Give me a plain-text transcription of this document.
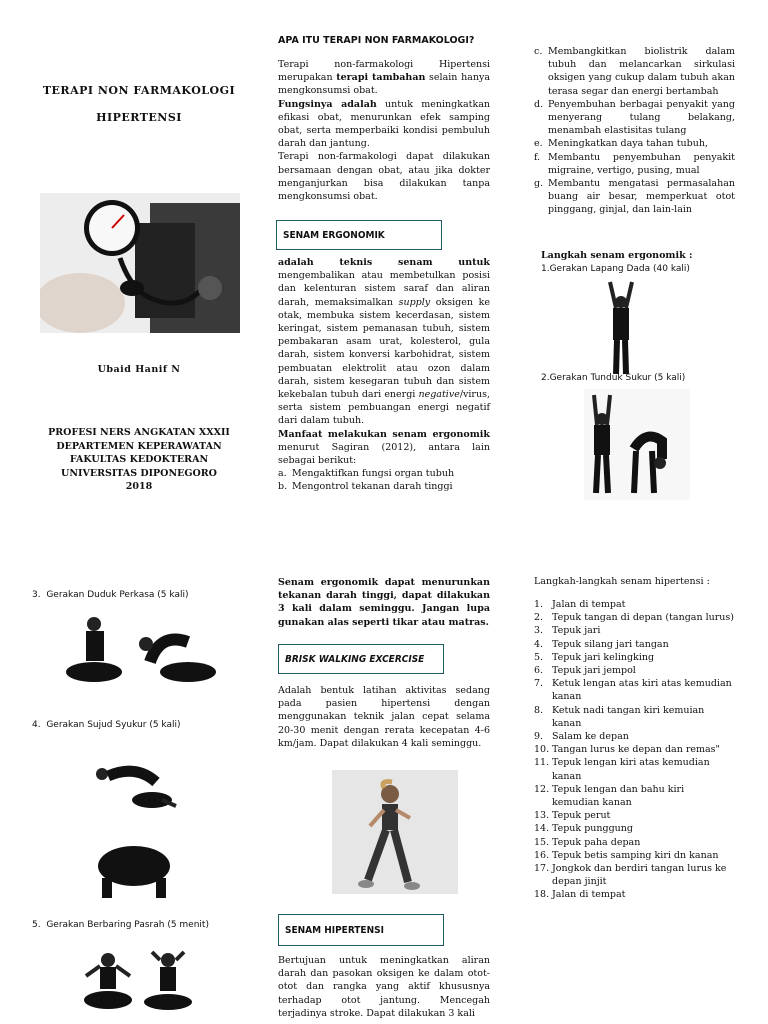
TERAPI NON FARMAKOLOGI
HIPERTENSI
Ubaid Hanif N
PROFESI NERS ANGKATAN XXXII
DEPARTEMEN KEPERAWATAN
FAKULTAS KEDOKTERAN
UNIVERSITAS DIPONEGORO
2018
APA ITU TERAPI NON FARMAKOLOGI?

Terapi non-farmakologi Hipertensi merupakan terapi tambahan selain hanya mengkonsumsi obat.

Fungsinya adalah untuk meningkatkan efikasi obat, menurunkan efek samping obat, serta memperbaiki kondisi pembuluh darah dan jantung.

Terapi non-farmakologi dapat dilakukan bersamaan dengan obat, atau jika dokter menganjurkan bisa dilakukan tanpa mengkonsumsi obat.

SENAM ERGONOMIK

adalah teknis senam untuk mengembalikan atau membetulkan posisi dan kelenturan sistem saraf dan aliran darah, memaksimalkan supply oksigen ke otak, membuka sistem kecerdasan, sistem keringat, sistem pemanasan tubuh, sistem pembakaran asam urat, kolesterol, gula darah, sistem konversi karbohidrat, sistem pembuatan elektrolit atau ozon dalam darah, sistem kesegaran tubuh dan sistem kekebalan tubuh dari energi negative/virus, serta sistem pembuangan energi negatif dari dalam tubuh.

Manfaat melakukan senam ergonomik menurut Sagiran (2012), antara lain sebagai berikut:

a. Mengaktifkan fungsi organ tubuh
b. Mengontrol tekanan darah tinggi
c. Membangkitkan biolistrik dalam tubuh dan melancarkan sirkulasi oksigen yang cukup dalam tubuh akan terasa segar dan energi bertambah
d. Penyembuhan berbagai penyakit yang menyerang tulang belakang, menambah elastisitas tulang
e. Meningkatkan daya tahan tubuh,
f. Membantu penyembuhan penyakit migraine, vertigo, pusing, mual
g. Membantu mengatasi permasalahan buang air besar, memperkuat otot pinggang, ginjal, dan lain-lain
Langkah senam ergonomik :
1.Gerakan Lapang Dada (40 kali)
2.Gerakan Tunduk Sukur (5 kali)
3. Gerakan Duduk Perkasa (5 kali)
4. Gerakan Sujud Syukur (5 kali)
5. Gerakan Berbaring Pasrah (5 menit)
Senam ergonomik dapat menurunkan tekanan darah tinggi, dapat dilakukan 3 kali dalam seminggu. Jangan lupa gunakan alas seperti tikar atau matras.
BRISK WALKING EXCERCISE
Adalah bentuk latihan aktivitas sedang pada pasien hipertensi dengan menggunakan teknik jalan cepat selama 20-30 menit dengan rerata kecepatan 4-6 km/jam. Dapat dilakukan 4 kali seminggu.
SENAM HIPERTENSI
Bertujuan untuk meningkatkan aliran darah dan pasokan oksigen ke dalam otot-otot dan rangka yang aktif khususnya terhadap otot jantung. Mencegah terjadinya stroke. Dapat dilakukan 3 kali
Langkah-langkah senam hipertensi :
1. Jalan di tempat
2. Tepuk tangan di depan (tangan lurus)
3. Tepuk jari
4. Tepuk silang jari tangan
5. Tepuk jari kelingking
6. Tepuk jari jempol
7. Ketuk lengan atas kiri atas kemudian kanan
8. Ketuk nadi tangan kiri kemuian kanan
9. Salam ke depan
10. Tangan lurus ke depan dan remas"
11. Tepuk lengan kiri atas kemudian kanan
12. Tepuk lengan dan bahu kiri kemudian kanan
13. Tepuk perut
14. Tepuk punggung
15. Tepuk paha depan
16. Tepuk betis samping kiri dn kanan
17. Jongkok dan berdiri tangan lurus ke depan jinjit
18. Jalan di tempat
